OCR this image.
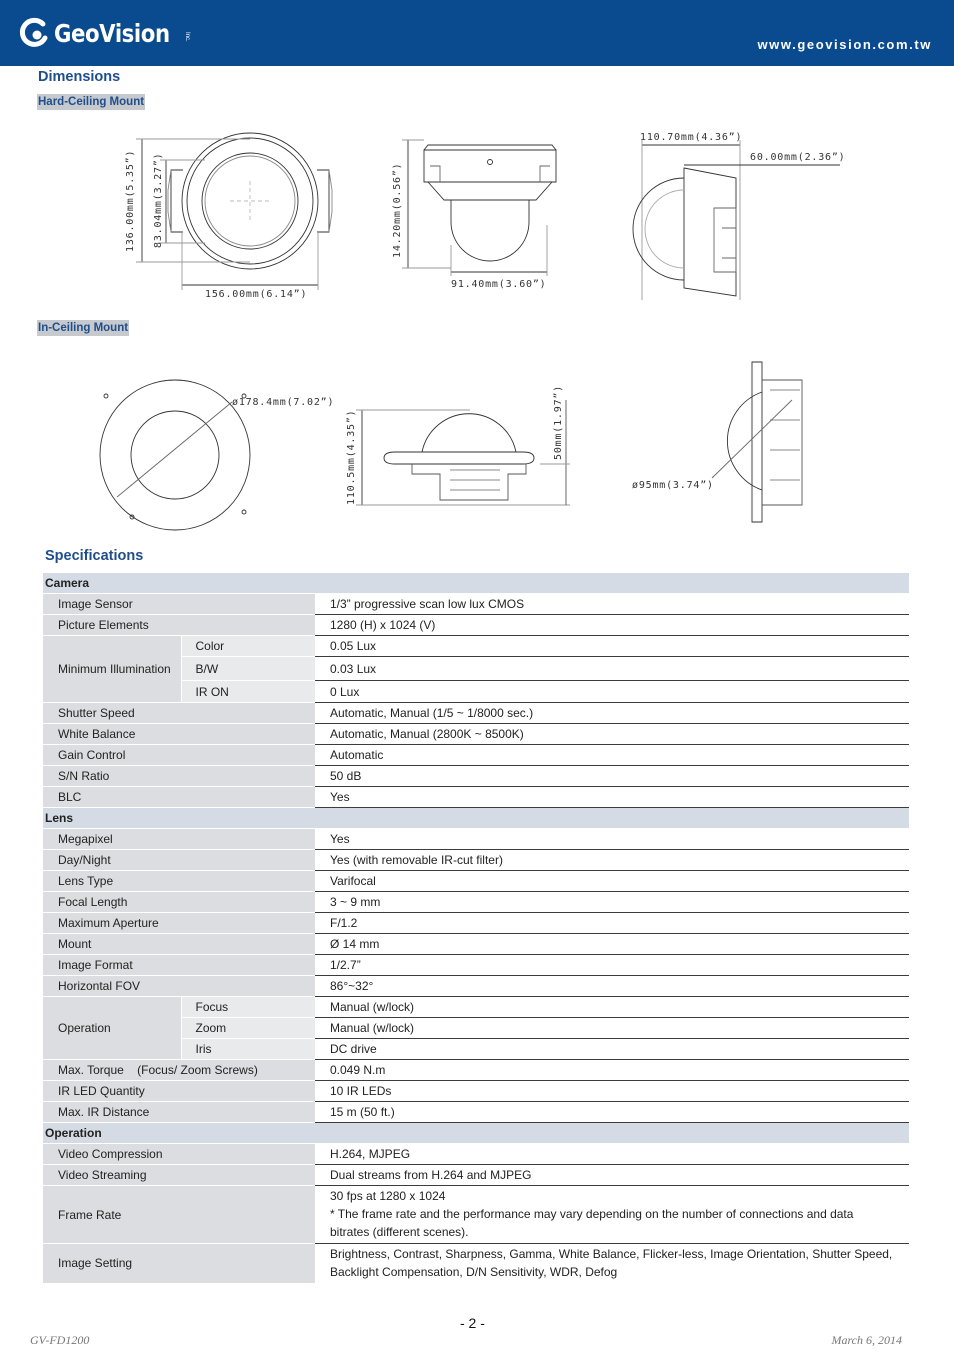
GeoVision Inc.
www.geovision.com.tw
Dimensions
Hard-Ceiling Mount
In-Ceiling Mount
136.00mm(5.35”) 83.04mm(3.27”)
156.00mm(6.14”)
14.20mm(0.56”)
91.40mm(3.60”)
110.70mm(4.36”)
60.00mm(2.36”)
ø178.4mm(7.02”)
110.5mm(4.35”)	50mm(1.97”)
ø95mm(3.74”)
Specifications
Camera		
Image Sensor		1/3” progressive scan low lux CMOS
Picture Elements		1280 (H) x 1024 (V)
Minimum Illumination	Color	0.05 Lux
	B/W	0.03 Lux
	IR ON	0 Lux
Shutter Speed		Automatic, Manual (1/5 ~ 1/8000 sec.)
White Balance		Automatic, Manual (2800K ~ 8500K)
Gain Control		Automatic
S/N Ratio		50 dB
BLC		Yes
Lens		
Megapixel		Yes
Day/Night		Yes (with removable IR-cut filter)
Lens Type		Varifocal
Focal Length		3 ~ 9 mm
Maximum Aperture		F/1.2
Mount		Ø 14 mm
Image Format		1/2.7”
Horizontal FOV		86°~32°
Operation	Focus	Manual (w/lock)
	Zoom	Manual (w/lock)
	Iris	DC drive
Max. Torque    (Focus/ Zoom Screws)		0.049 N.m
IR LED Quantity		10 IR LEDs
Max. IR Distance		15 m (50 ft.)
Operation		
Video Compression		H.264, MJPEG
Video Streaming		Dual streams from H.264 and MJPEG
Frame Rate		30 fps at 1280 x 1024
* The frame rate and the performance may vary depending on the number of connections and data bitrates (different scenes).

Image Setting		Brightness, Contrast, Sharpness, Gamma, White Balance, Flicker-less, Image Orientation, Shutter Speed, Backlight Compensation, D/N Sensitivity, WDR, Defog
- 2 -
GV-FD1200	March 6, 2014
